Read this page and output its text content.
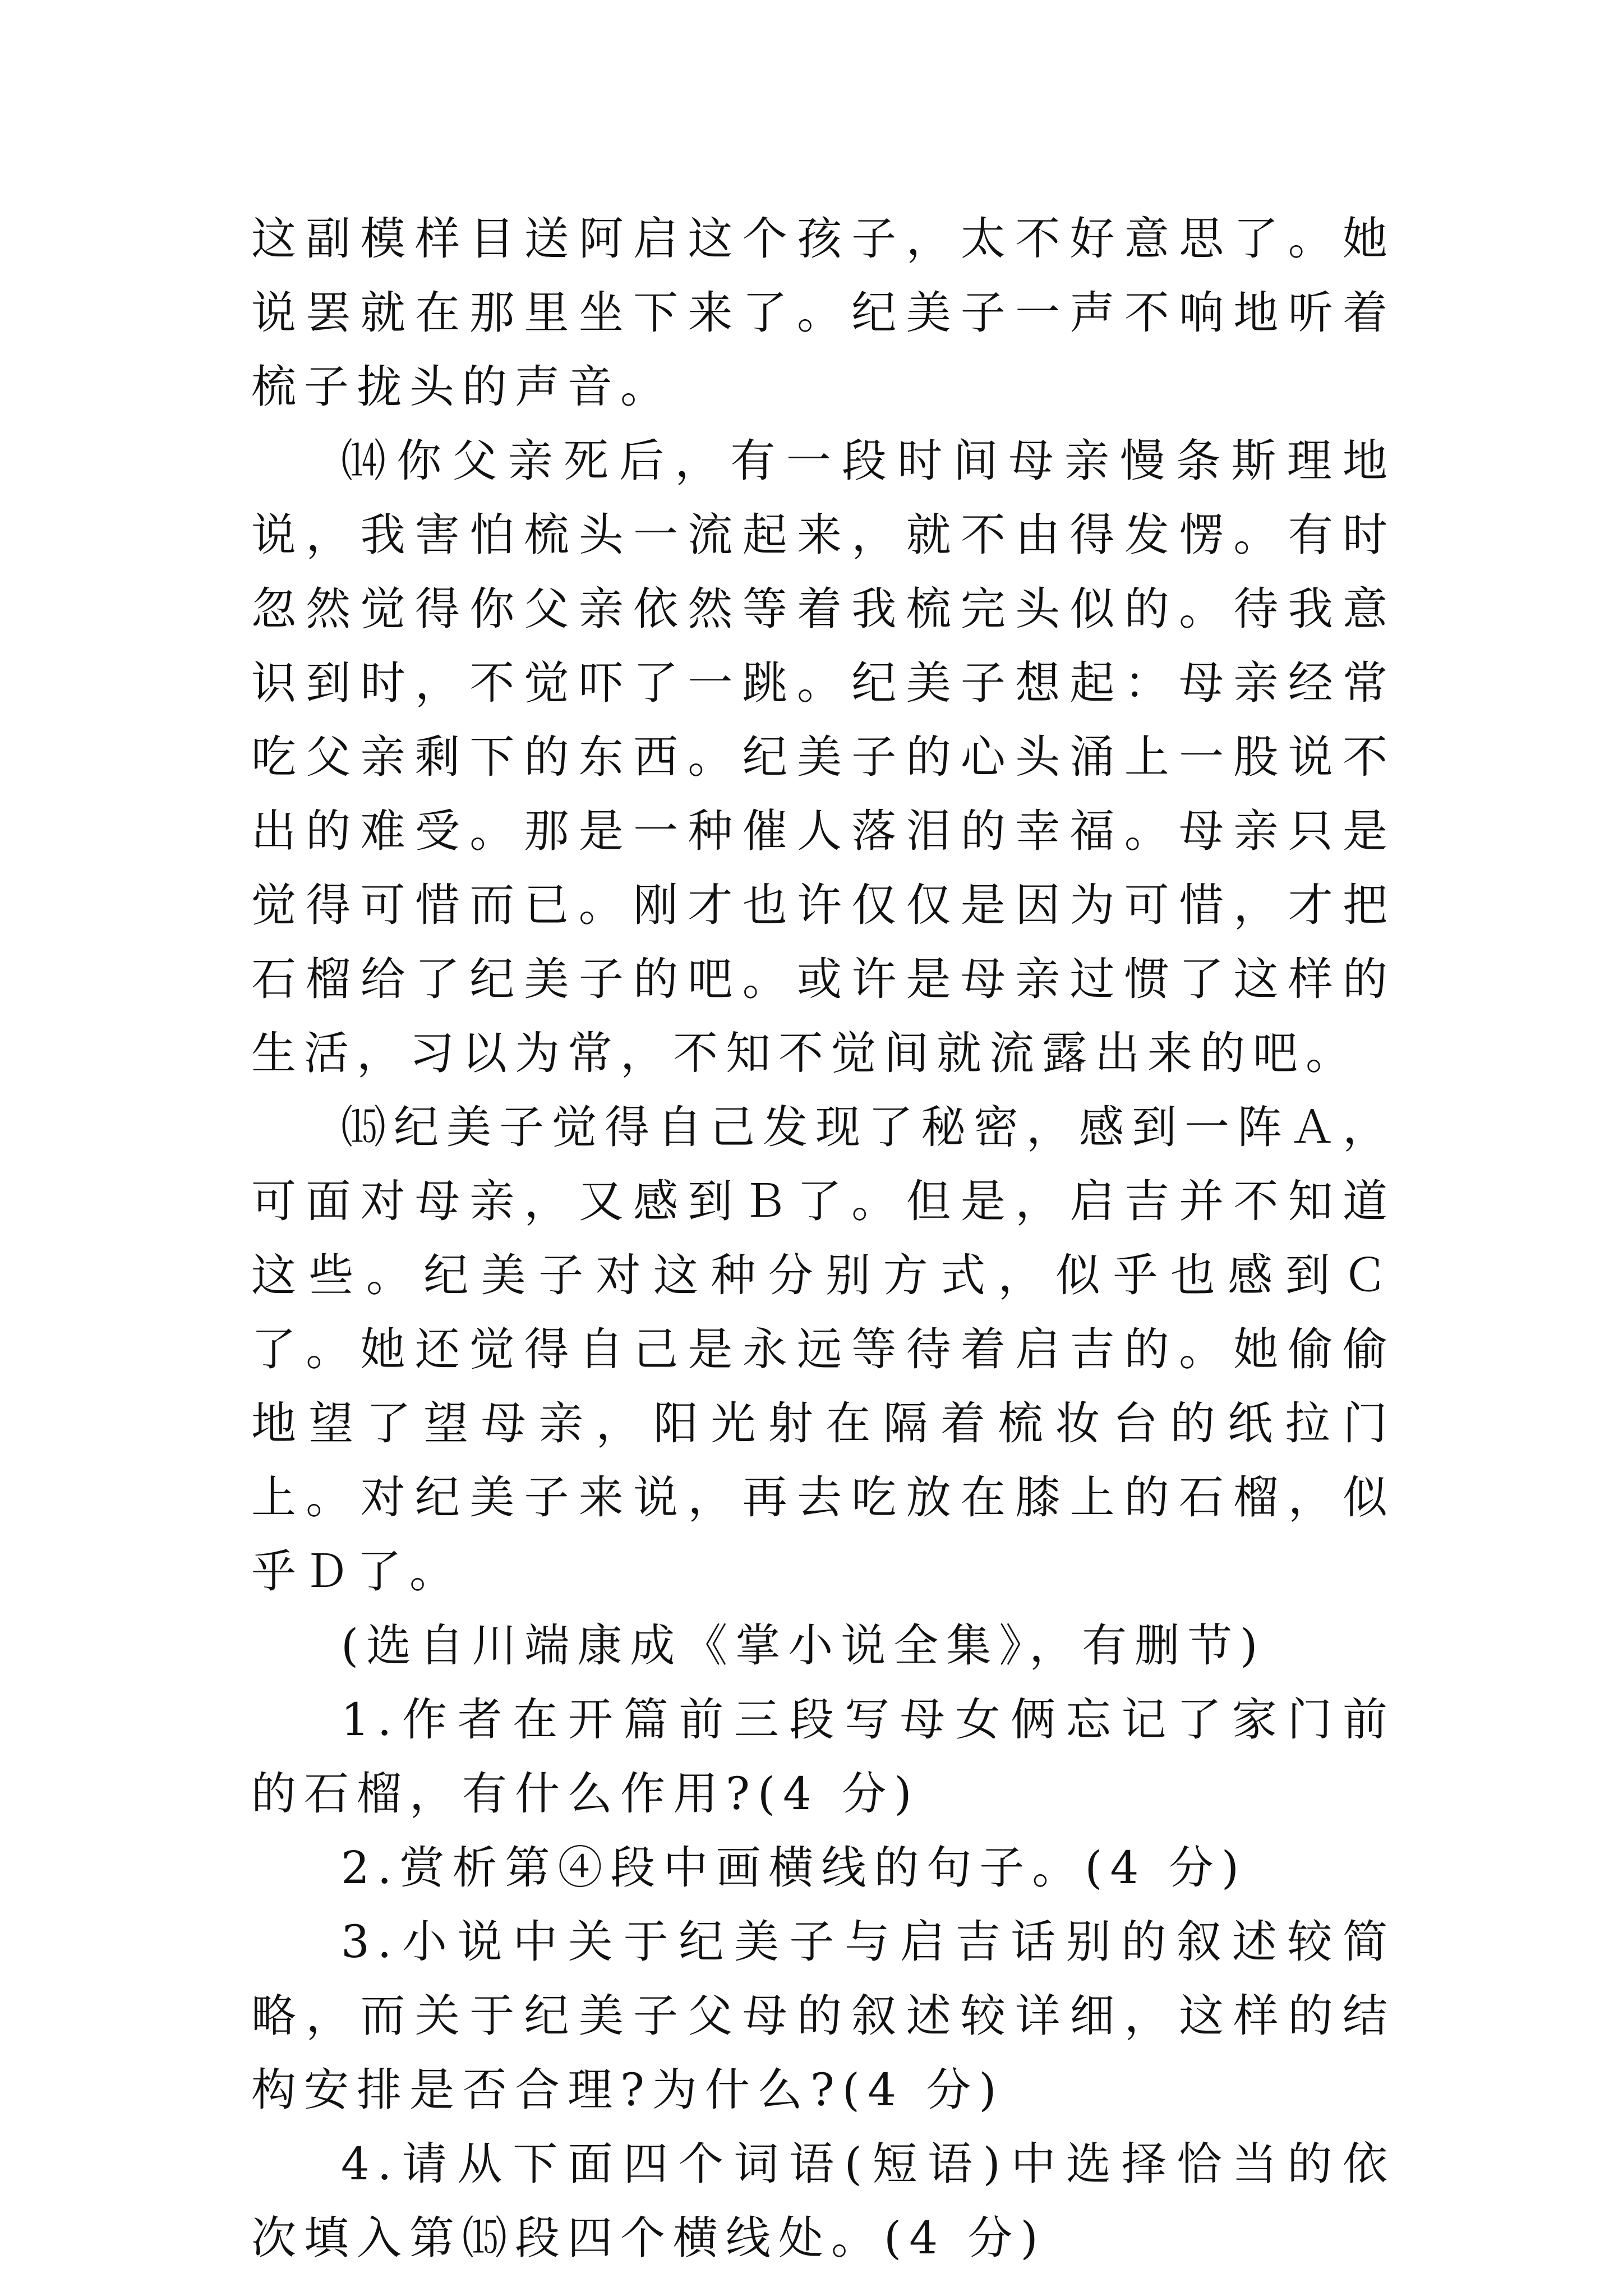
这副模样目送阿启这个孩子，太不好意思了。她说罢就在那里坐下来了。纪美子一声不响地听着梳子拢头的声音。

⒁你父亲死后，有一段时间母亲慢条斯理地说，我害怕梳头一流起来，就不由得发愣。有时忽然觉得你父亲依然等着我梳完头似的。待我意识到时，不觉吓了一跳。纪美子想起：母亲经常吃父亲剩下的东西。纪美子的心头涌上一股说不出的难受。那是一种催人落泪的幸福。母亲只是觉得可惜而已。刚才也许仅仅是因为可惜，才把石榴给了纪美子的吧。或许是母亲过惯了这样的生活，习以为常，不知不觉间就流露出来的吧。

⒂纪美子觉得自己发现了秘密，感到一阵Ａ，可面对母亲，又感到Ｂ了。但是，启吉并不知道这些。纪美子对这种分别方式，似乎也感到Ｃ了。她还觉得自己是永远等待着启吉的。她偷偷地望了望母亲，阳光射在隔着梳妆台的纸拉门上。对纪美子来说，再去吃放在膝上的石榴，似乎Ｄ了。

(选自川端康成《掌小说全集》，有删节)

1.作者在开篇前三段写母女俩忘记了家门前的石榴，有什么作用?(4 分)

2.赏析第④段中画横线的句子。(4 分)

3.小说中关于纪美子与启吉话别的叙述较简略，而关于纪美子父母的叙述较详细，这样的结构安排是否合理?为什么?(4 分)

4.请从下面四个词语(短语)中选择恰当的依次填入第⒂段四个横线处。(4 分)
